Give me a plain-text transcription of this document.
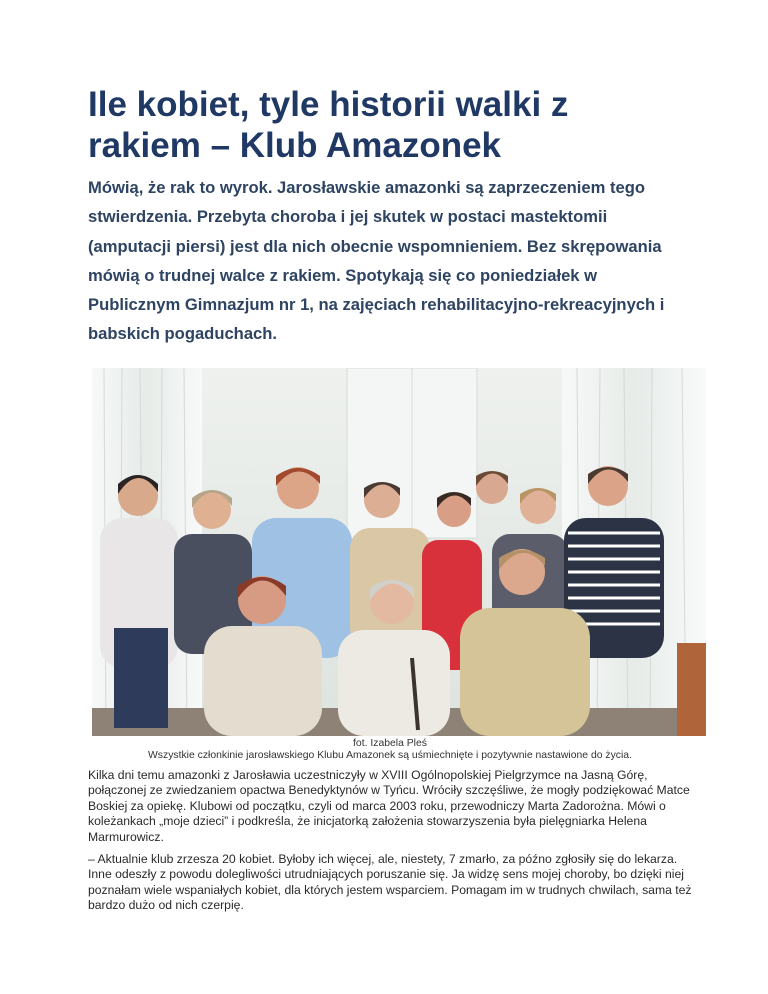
Ile kobiet, tyle historii walki z rakiem – Klub Amazonek

Mówią, że rak to wyrok. Jarosławskie amazonki są zaprzeczeniem tego stwierdzenia. Przebyta choroba i jej skutek w postaci mastektomii (amputacji piersi) jest dla nich obecnie wspomnieniem. Bez skrępowania mówią o trudnej walce z rakiem. Spotykają się co poniedziałek w Publicznym Gimnazjum nr 1, na zajęciach rehabilitacyjno-rekreacyjnych i babskich pogaduchach.

fot. Izabela Pleś
Wszystkie członkinie jarosławskiego Klubu Amazonek są uśmiechnięte i pozytywnie nastawione do życia.

Kilka dni temu amazonki z Jarosławia uczestniczyły w XVIII Ogólnopolskiej Pielgrzymce na Jasną Górę, połączonej ze zwiedzaniem opactwa Benedyktynów w Tyńcu. Wróciły szczęśliwe, że mogły podziękować Matce Boskiej za opiekę. Klubowi od początku, czyli od marca 2003 roku, przewodniczy Marta Zadorożna. Mówi o koleżankach „moje dzieci” i podkreśla, że inicjatorką założenia stowarzyszenia była pielęgniarka Helena Marmurowicz.

– Aktualnie klub zrzesza 20 kobiet. Byłoby ich więcej, ale, niestety, 7 zmarło, za późno zgłosiły się do lekarza. Inne odeszły z powodu dolegliwości utrudniających poruszanie się. Ja widzę sens mojej choroby, bo dzięki niej poznałam wiele wspaniałych kobiet, dla których jestem wsparciem. Pomagam im w trudnych chwilach, sama też bardzo dużo od nich czerpię.
